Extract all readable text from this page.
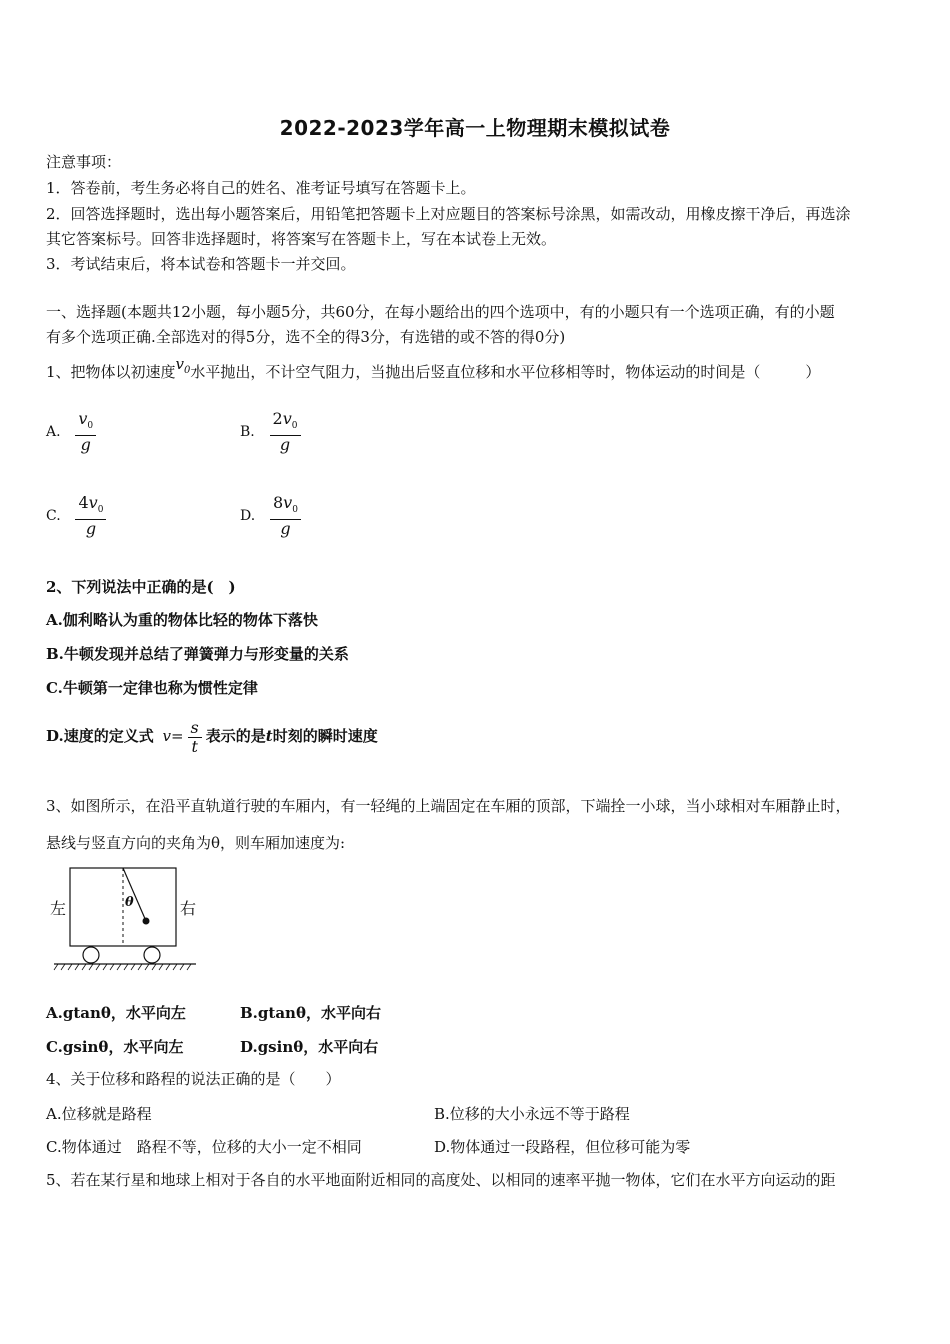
2022-2023学年高一上物理期末模拟试卷
注意事项：
1．答卷前，考生务必将自己的姓名、准考证号填写在答题卡上。
2．回答选择题时，选出每小题答案后，用铅笔把答题卡上对应题目的答案标号涂黑，如需改动，用橡皮擦干净后，再选涂
其它答案标号。回答非选择题时，将答案写在答题卡上，写在本试卷上无效。
3．考试结束后，将本试卷和答题卡一并交回。
一、选择题(本题共12小题，每小题5分，共60分，在每小题给出的四个选项中，有的小题只有一个选项正确，有的小题
有多个选项正确.全部选对的得5分，选不全的得3分，有选错的或不答的得0分)
1、把物体以初速度$v_0$水平抛出，不计空气阻力，当抛出后竖直位移和水平位移相等时，物体运动的时间是（　　　）
A. $\frac{v_0}{g}$	B. $\frac{2v_0}{g}$
C. $\frac{4v_0}{g}$	D. $\frac{8v_0}{g}$
2、下列说法中正确的是(　)
A.伽利略认为重的物体比轻的物体下落快
B.牛顿发现并总结了弹簧弹力与形变量的关系
C.牛顿第一定律也称为惯性定律
D.速度的定义式 $v= \frac{s}{t}$ 表示的是t时刻的瞬时速度
3、如图所示，在沿平直轨道行驶的车厢内，有一轻绳的上端固定在车厢的顶部，下端拴一小球，当小球相对车厢静止时，
悬线与竖直方向的夹角为θ，则车厢加速度为:
左	θ	右
A.gtanθ，水平向左	B.gtanθ，水平向右
C.gsinθ，水平向左	D.gsinθ，水平向右
4、关于位移和路程的说法正确的是（　　）
A.位移就是路程	B.位移的大小永远不等于路程
C.物体通过　路程不等，位移的大小一定不相同	D.物体通过一段路程，但位移可能为零
5、若在某行星和地球上相对于各自的水平地面附近相同的高度处、以相同的速率平抛一物体，它们在水平方向运动的距
